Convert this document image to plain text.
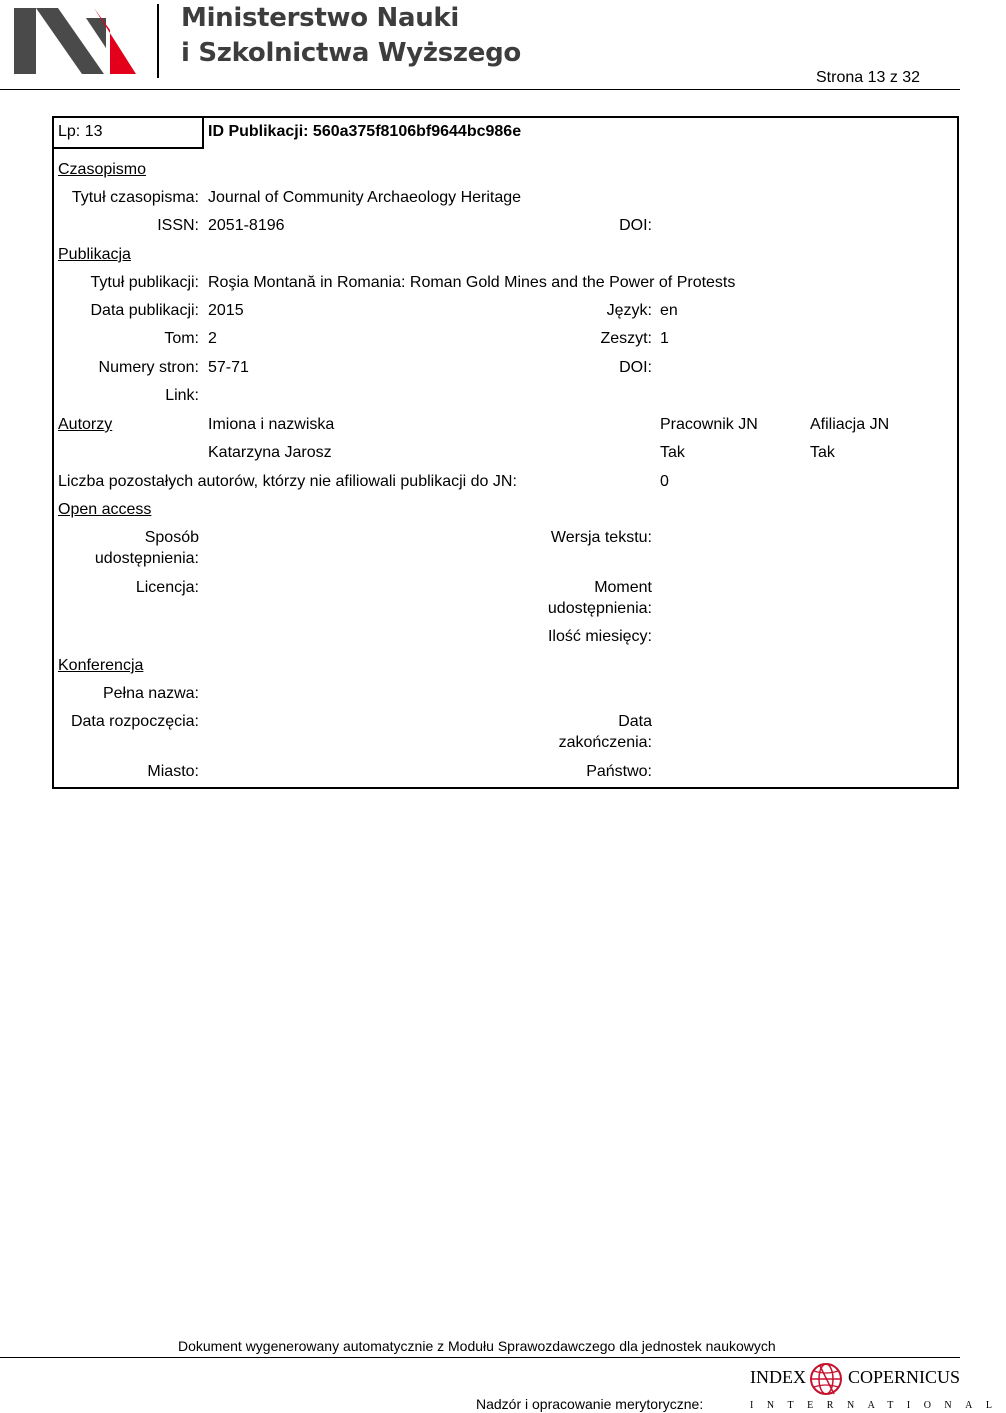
Ministerstwo Nauki
i Szkolnictwa Wyższego
Strona 13 z 32
Lp: 13	ID Publikacji: 560a375f8106bf9644bc986e
Czasopismo
Tytuł czasopisma: Journal of Community Archaeology Heritage
ISSN: 2051-8196	DOI:
Publikacja
Tytuł publikacji: Roşia Montană in Romania: Roman Gold Mines and the Power of Protests
Data publikacji: 2015	Język: en
Tom: 2	Zeszyt: 1
Numery stron: 57-71	DOI:
Link:
Autorzy	Imiona i nazwiska	Pracownik JN	Afiliacja JN
Katarzyna Jarosz	Tak	Tak
Liczba pozostałych autorów, którzy nie afiliowali publikacji do JN:	0
Open access
Sposób
udostępnienia:
Wersja tekstu:
Licencja:	Moment
udostępnienia:
Ilość miesięcy:
Konferencja
Pełna nazwa:
Data rozpoczęcia:	Data
zakończenia:
Miasto:	Państwo:
Dokument wygenerowany automatycznie z Modułu Sprawozdawczego dla jednostek naukowych
Nadzór i opracowanie merytoryczne:
INDEX COPERNICUS
INTERNATIONAL
